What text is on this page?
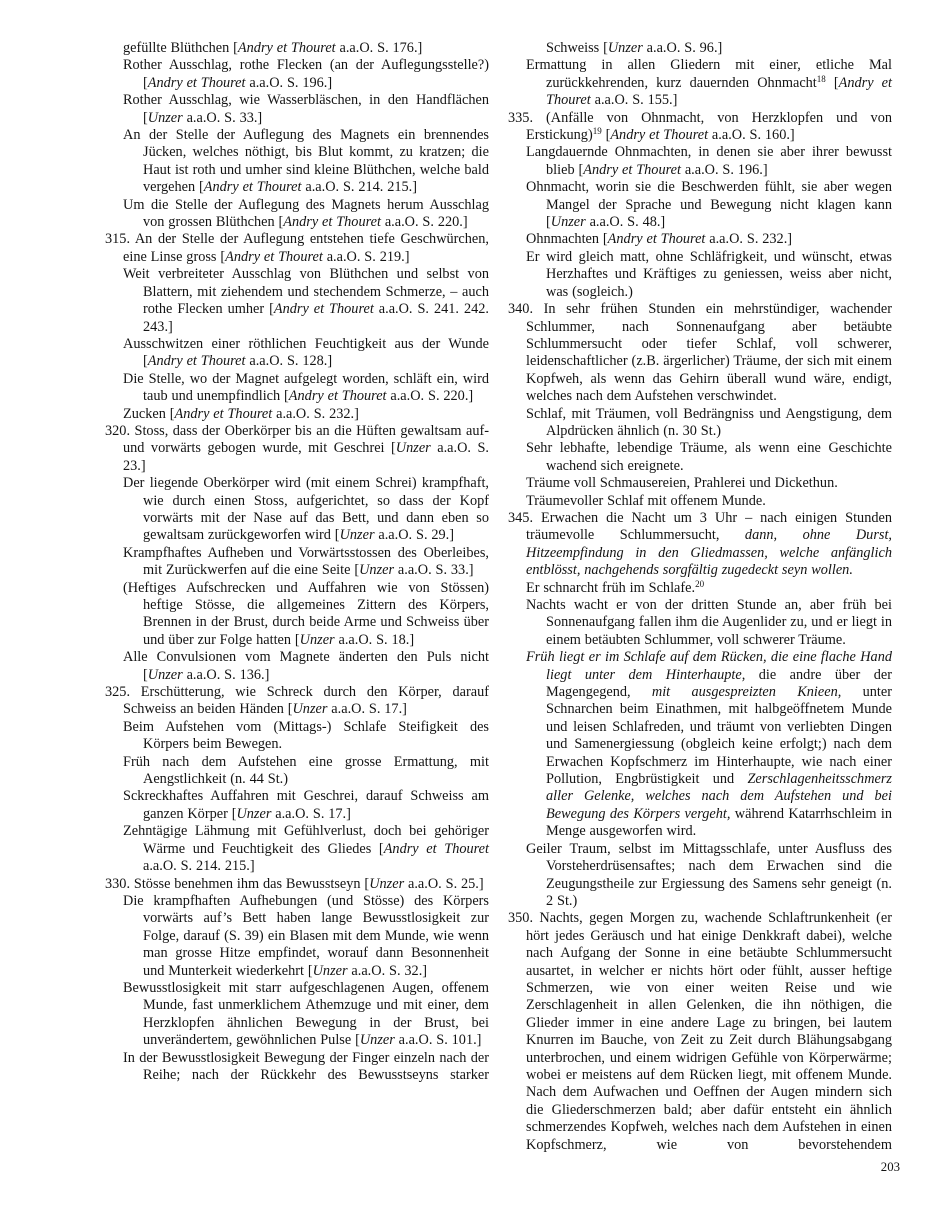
gefüllte Blüthchen [Andry et Thouret a.a.O. S. 176.]

Rother Ausschlag, rothe Flecken (an der Auflegungsstelle?) [Andry et Thouret a.a.O. S. 196.]

Rother Ausschlag, wie Wasserbläschen, in den Handflächen [Unzer a.a.O. S. 33.]

An der Stelle der Auflegung des Magnets ein brennendes Jücken, welches nöthigt, bis Blut kommt, zu kratzen; die Haut ist roth und umher sind kleine Blüthchen, welche bald vergehen [Andry et Thouret a.a.O. S. 214. 215.]

Um die Stelle der Auflegung des Magnets herum Ausschlag von grossen Blüthchen [Andry et Thouret a.a.O. S. 220.]

315. An der Stelle der Auflegung entstehen tiefe Geschwürchen, eine Linse gross [Andry et Thouret a.a.O. S. 219.]

Weit verbreiteter Ausschlag von Blüthchen und selbst von Blattern, mit ziehendem und stechendem Schmerze, – auch rothe Flecken umher [Andry et Thouret a.a.O. S. 241. 242. 243.]

Ausschwitzen einer röthlichen Feuchtigkeit aus der Wunde [Andry et Thouret a.a.O. S. 128.]

Die Stelle, wo der Magnet aufgelegt worden, schläft ein, wird taub und unempfindlich [Andry et Thouret a.a.O. S. 220.]

Zucken [Andry et Thouret a.a.O. S. 232.]

320. Stoss, dass der Oberkörper bis an die Hüften gewaltsam auf- und vorwärts gebogen wurde, mit Geschrei [Unzer a.a.O. S. 23.]

Der liegende Oberkörper wird (mit einem Schrei) krampfhaft, wie durch einen Stoss, aufgerichtet, so dass der Kopf vorwärts mit der Nase auf das Bett, und dann eben so gewaltsam zurückgeworfen wird [Unzer a.a.O. S. 29.]

Krampfhaftes Aufheben und Vorwärtsstossen des Oberleibes, mit Zurückwerfen auf die eine Seite [Unzer a.a.O. S. 33.]

(Heftiges Aufschrecken und Auffahren wie von Stössen) heftige Stösse, die allgemeines Zittern des Körpers, Brennen in der Brust, durch beide Arme und Schweiss über und über zur Folge hatten [Unzer a.a.O. S. 18.]

Alle Convulsionen vom Magnete änderten den Puls nicht [Unzer a.a.O. S. 136.]

325. Erschütterung, wie Schreck durch den Körper, darauf Schweiss an beiden Händen [Unzer a.a.O. S. 17.]

Beim Aufstehen vom (Mittags-) Schlafe Steifigkeit des Körpers beim Bewegen.

Früh nach dem Aufstehen eine grosse Ermattung, mit Aengstlichkeit (n. 44 St.)

Sckreckhaftes Auffahren mit Geschrei, darauf Schweiss am ganzen Körper [Unzer a.a.O. S. 17.]

Zehntägige Lähmung mit Gefühlverlust, doch bei gehöriger Wärme und Feuchtigkeit des Gliedes [Andry et Thouret a.a.O. S. 214. 215.]

330. Stösse benehmen ihm das Bewusstseyn [Unzer a.a.O. S. 25.]

Die krampfhaften Aufhebungen (und Stösse) des Körpers vorwärts auf’s Bett haben lange Bewusstlosigkeit zur Folge, darauf (S. 39) ein Blasen mit dem Munde, wie wenn man grosse Hitze empfindet, worauf dann Besonnenheit und Munterkeit wiederkehrt [Unzer a.a.O. S. 32.]

Bewusstlosigkeit mit starr aufgeschlagenen Augen, offenem Munde, fast unmerklichem Athemzuge und mit einer, dem Herzklopfen ähnlichen Bewegung in der Brust, bei unverändertem, gewöhnlichen Pulse [Unzer a.a.O. S. 101.]

In der Bewusstlosigkeit Bewegung der Finger einzeln nach der Reihe; nach der Rückkehr des Bewusstseyns starker

Schweiss [Unzer a.a.O. S. 96.]

Ermattung in allen Gliedern mit einer, etliche Mal zurückkehrenden, kurz dauernden Ohnmacht$^{18}$ [Andry et Thouret a.a.O. S. 155.]

335. (Anfälle von Ohnmacht, von Herzklopfen und von Erstickung)$^{19}$ [Andry et Thouret a.a.O. S. 160.]

Langdauernde Ohnmachten, in denen sie aber ihrer bewusst blieb [Andry et Thouret a.a.O. S. 196.]

Ohnmacht, worin sie die Beschwerden fühlt, sie aber wegen Mangel der Sprache und Bewegung nicht klagen kann [Unzer a.a.O. S. 48.]

Ohnmachten [Andry et Thouret a.a.O. S. 232.]

Er wird gleich matt, ohne Schläfrigkeit, und wünscht, etwas Herzhaftes und Kräftiges zu geniessen, weiss aber nicht, was (sogleich.)

340. In sehr frühen Stunden ein mehrstündiger, wachender Schlummer, nach Sonnenaufgang aber betäubte Schlummersucht oder tiefer Schlaf, voll schwerer, leidenschaftlicher (z.B. ärgerlicher) Träume, der sich mit einem Kopfweh, als wenn das Gehirn überall wund wäre, endigt, welches nach dem Aufstehen verschwindet.

Schlaf, mit Träumen, voll Bedrängniss und Aengstigung, dem Alpdrücken ähnlich (n. 30 St.)

Sehr lebhafte, lebendige Träume, als wenn eine Geschichte wachend sich ereignete.

Träume voll Schmausereien, Prahlerei und Dickethun.

Träumevoller Schlaf mit offenem Munde.

345. Erwachen die Nacht um 3 Uhr – nach einigen Stunden träumevolle Schlummersucht, dann, ohne Durst, Hitzeempfindung in den Gliedmassen, welche anfänglich entblösst, nachgehends sorgfältig zugedeckt seyn wollen.

Er schnarcht früh im Schlafe.$^{20}$

Nachts wacht er von der dritten Stunde an, aber früh bei Sonnenaufgang fallen ihm die Augenlider zu, und er liegt in einem betäubten Schlummer, voll schwerer Träume.

Früh liegt er im Schlafe auf dem Rücken, die eine flache Hand liegt unter dem Hinterhaupte, die andre über der Magengegend, mit ausgespreizten Knieen, unter Schnarchen beim Einathmen, mit halbgeöffnetem Munde und leisen Schlafreden, und träumt von verliebten Dingen und Samenergiessung (obgleich keine erfolgt;) nach dem Erwachen Kopfschmerz im Hinterhaupte, wie nach einer Pollution, Engbrüstigkeit und Zerschlagenheitsschmerz aller Gelenke, welches nach dem Aufstehen und bei Bewegung des Körpers vergeht, während Katarrhschleim in Menge ausgeworfen wird.

Geiler Traum, selbst im Mittagsschlafe, unter Ausfluss des Vorsteherdrüsensaftes; nach dem Erwachen sind die Zeugungstheile zur Ergiessung des Samens sehr geneigt (n. 2 St.)

350. Nachts, gegen Morgen zu, wachende Schlaftrunkenheit (er hört jedes Geräusch und hat einige Denkkraft dabei), welche nach Aufgang der Sonne in eine betäubte Schlummersucht ausartet, in welcher er nichts hört oder fühlt, ausser heftige Schmerzen, wie von einer weiten Reise und wie Zerschlagenheit in allen Gelenken, die ihn nöthigen, die Glieder immer in eine andere Lage zu bringen, bei lautem Knurren im Bauche, von Zeit zu Zeit durch Blähungsabgang unterbrochen, und einem widrigen Gefühle von Körperwärme; wobei er meistens auf dem Rücken liegt, mit offenem Munde. Nach dem Aufwachen und Oeffnen der Augen mindern sich die Gliederschmerzen bald; aber dafür entsteht ein ähnlich schmerzendes Kopfweh, welches nach dem Aufstehen in einen Kopfschmerz, wie von bevorstehendem

203
